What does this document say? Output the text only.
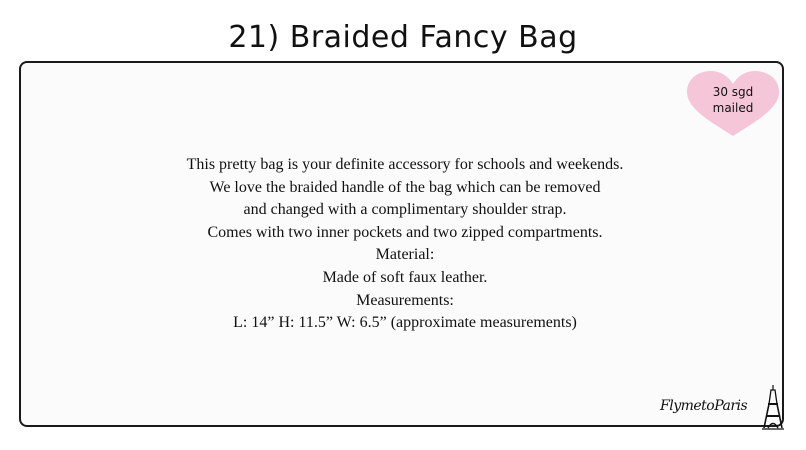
21) Braided Fancy Bag
30 sgd
mailed
This pretty bag is your definite accessory for schools and weekends.
We love the braided handle of the bag which can be removed
and changed with a complimentary shoulder strap.
Comes with two inner pockets and two zipped compartments.
Material:
Made of soft faux leather.
Measurements:
L: 14” H: 11.5” W: 6.5” (approximate measurements)
FlymetoParis
